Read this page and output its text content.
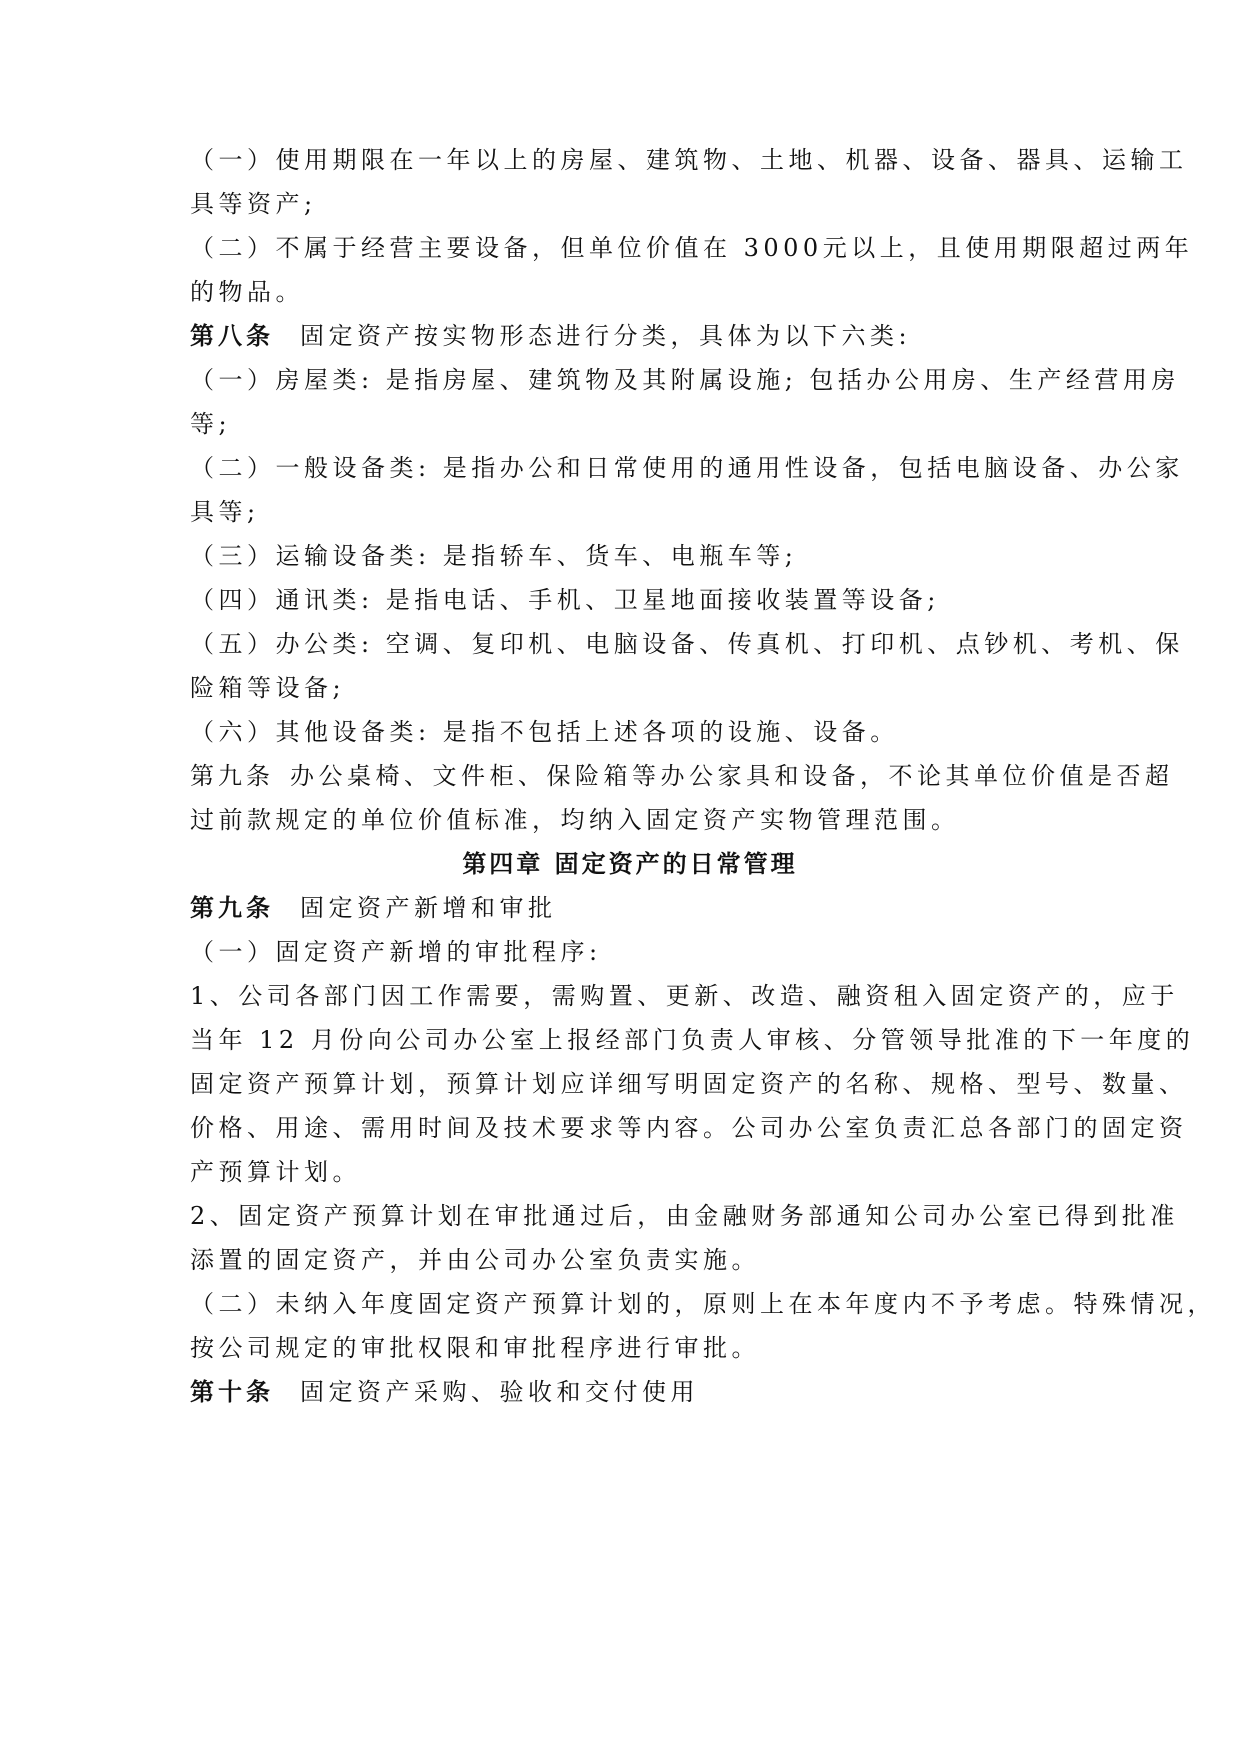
（一）使用期限在一年以上的房屋、建筑物、土地、机器、设备、器具、运输工
具等资产;
（二）不属于经营主要设备，但单位价值在 3000元以上，且使用期限超过两年
的物品。
第八条 固定资产按实物形态进行分类，具体为以下六类:
（一）房屋类: 是指房屋、建筑物及其附属设施; 包括办公用房、生产经营用房
等;
（二）一般设备类: 是指办公和日常使用的通用性设备，包括电脑设备、办公家
具等;
（三）运输设备类: 是指轿车、货车、电瓶车等;
（四）通讯类: 是指电话、手机、卫星地面接收装置等设备;
（五）办公类: 空调、复印机、电脑设备、传真机、打印机、点钞机、考机、保
险箱等设备;
（六）其他设备类: 是指不包括上述各项的设施、设备。
第九条 办公桌椅、文件柜、保险箱等办公家具和设备，不论其单位价值是否超
过前款规定的单位价值标准，均纳入固定资产实物管理范围。
第四章 固定资产的日常管理
第九条 固定资产新增和审批
（一）固定资产新增的审批程序:
1、公司各部门因工作需要，需购置、更新、改造、融资租入固定资产的，应于
当年 12 月份向公司办公室上报经部门负责人审核、分管领导批准的下一年度的
固定资产预算计划，预算计划应详细写明固定资产的名称、规格、型号、数量、
价格、用途、需用时间及技术要求等内容。公司办公室负责汇总各部门的固定资
产预算计划。
2、固定资产预算计划在审批通过后，由金融财务部通知公司办公室已得到批准
添置的固定资产，并由公司办公室负责实施。
（二）未纳入年度固定资产预算计划的，原则上在本年度内不予考虑。特殊情况，
按公司规定的审批权限和审批程序进行审批。
第十条 固定资产采购、验收和交付使用
